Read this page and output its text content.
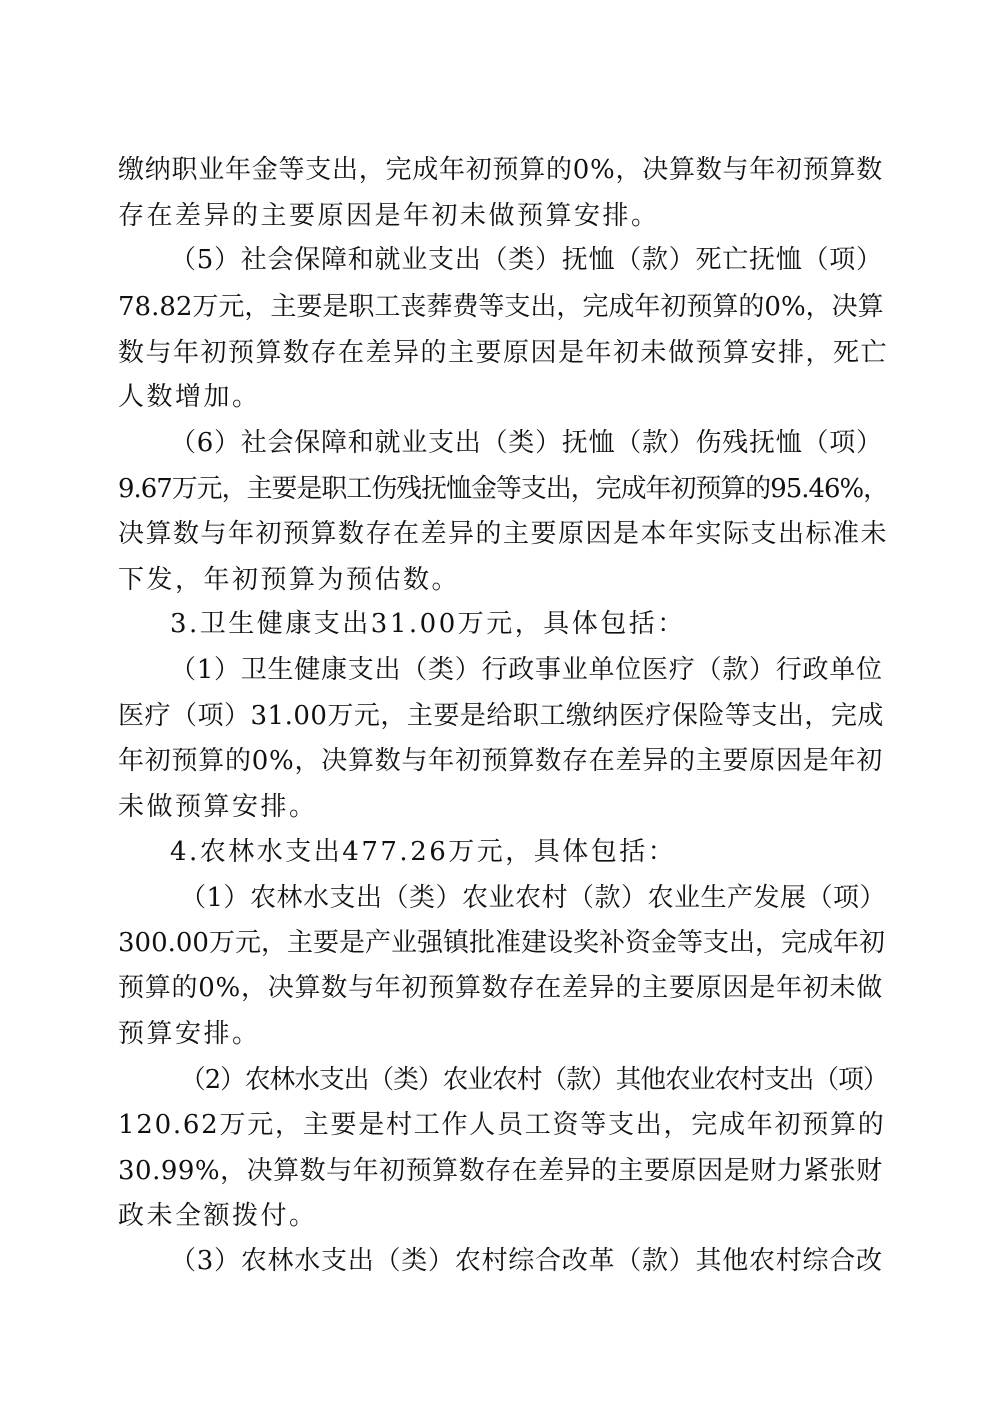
缴纳职业年金等支出，完成年初预算的0%，决算数与年初预算数
存在差异的主要原因是年初未做预算安排。
（5）社会保障和就业支出（类）抚恤（款）死亡抚恤（项）
78.82万元，主要是职工丧葬费等支出，完成年初预算的0%，决算
数与年初预算数存在差异的主要原因是年初未做预算安排，死亡
人数增加。
（6）社会保障和就业支出（类）抚恤（款）伤残抚恤（项）
9.67万元，主要是职工伤残抚恤金等支出，完成年初预算的95.46%，
决算数与年初预算数存在差异的主要原因是本年实际支出标准未
下发，年初预算为预估数。
3.卫生健康支出31.00万元，具体包括：
（1）卫生健康支出（类）行政事业单位医疗（款）行政单位
医疗（项）31.00万元，主要是给职工缴纳医疗保险等支出，完成
年初预算的0%，决算数与年初预算数存在差异的主要原因是年初
未做预算安排。
4.农林水支出477.26万元，具体包括：
（1）农林水支出（类）农业农村（款）农业生产发展（项）
300.00万元，主要是产业强镇批准建设奖补资金等支出，完成年初
预算的0%，决算数与年初预算数存在差异的主要原因是年初未做
预算安排。
（2）农林水支出（类）农业农村（款）其他农业农村支出（项）
120.62万元，主要是村工作人员工资等支出，完成年初预算的
30.99%，决算数与年初预算数存在差异的主要原因是财力紧张财
政未全额拨付。
（3）农林水支出（类）农村综合改革（款）其他农村综合改
